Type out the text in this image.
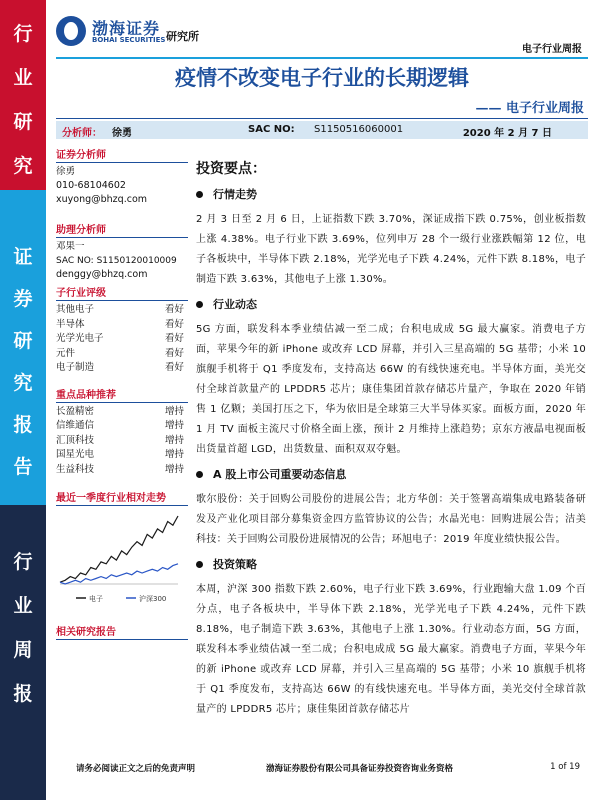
行
业
研
究
证
券
研
究
报
告
行
业
周
报
渤海证券
BOHAI SECURITIES 研究所
电子行业周报
疫情不改变电子行业的长期逻辑
—— 电子行业周报
分析师： 徐勇	SAC NO: S1150516060001	2020 年 2 月 7 日
证券分析师
徐勇
010-68104602
xuyong@bhzq.com
助理分析师
邓果一
SAC NO: S1150120010009
denggy@bhzq.com
子行业评级
其他电子	看好
半导体	看好
光学光电子	看好
元件	看好
电子制造	看好
重点品种推荐
长盈精密	增持
信维通信	增持
汇顶科技	增持
国星光电	增持
生益科技	增持
最近一季度行业相对走势
电子	沪深300
相关研究报告
投资要点：
行情走势
2 月 3 日至 2 月 6 日，上证指数下跌 3.70%，深证成指下跌 0.75%，创业板指数上涨 4.38%。电子行业下跌 3.69%，位列申万 28 个一级行业涨跌幅第 12 位，电子各板块中，半导体下跌 2.18%，光学光电子下跌 4.24%，元件下跌 8.18%，电子制造下跌 3.63%，其他电子上涨 1.30%。
行业动态
5G 方面，联发科本季业绩估减一至二成；台积电成成 5G 最大赢家。消费电子方面，苹果今年的新 iPhone 或改弃 LCD 屏幕，并引入三星高端的 5G 基带；小米 10 旗舰手机将于 Q1 季度发布，支持高达 66W 的有线快速充电。半导体方面，美光交付全球首款量产的 LPDDR5 芯片；康佳集团首款存储芯片量产，争取在 2020 年销售 1 亿颗；美国打压之下，华为依旧是全球第三大半导体买家。面板方面，2020 年 1 月 TV 面板主流尺寸价格全面上涨，预计 2 月维持上涨趋势；京东方液晶电视面板出货量首超 LGD，出货数量、面积双双夺魁。
A 股上市公司重要动态信息
歌尔股份：关于回购公司股份的进展公告；北方华创：关于签署高端集成电路装备研发及产业化项目部分募集资金四方监管协议的公告；水晶光电：回购进展公告；洁美科技：关于回购公司股份进展情况的公告；环旭电子：2019 年度业绩快报公告。
投资策略
本周，沪深 300 指数下跌 2.60%，电子行业下跌 3.69%，行业跑输大盘 1.09 个百分点，电子各板块中，半导体下跌 2.18%，光学光电子下跌 4.24%，元件下跌 8.18%，电子制造下跌 3.63%，其他电子上涨 1.30%。行业动态方面，5G 方面，联发科本季业绩估减一至二成；台积电成成 5G 最大赢家。消费电子方面，苹果今年的新 iPhone 或改弃 LCD 屏幕，并引入三星高端的 5G 基带；小米 10 旗舰手机将于 Q1 季度发布，支持高达 66W 的有线快速充电。半导体方面，美光交付全球首款量产的 LPDDR5 芯片；康佳集团首款存储芯片
请务必阅读正文之后的免责声明	渤海证券股份有限公司具备证券投资咨询业务资格	1 of 19
